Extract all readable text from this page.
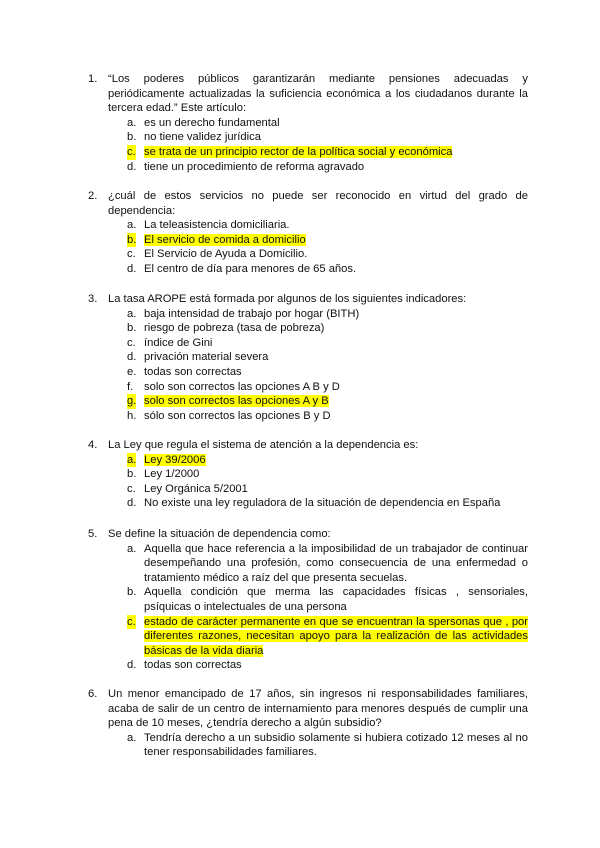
1. “Los poderes públicos garantizarán mediante pensiones adecuadas y periódicamente actualizadas la suficiencia económica a los ciudadanos durante la tercera edad.” Este artículo:
a. es un derecho fundamental
b. no tiene validez jurídica
c. se trata de un principio rector de la política social y económica
d. tiene un procedimiento de reforma agravado
2. ¿cuál de estos servicios no puede ser reconocido en virtud del grado de dependencia:
a. La teleasistencia domiciliaria.
b. El servicio de comida a domicilio
c. El Servicio de Ayuda a Domicilio.
d. El centro de día para menores de 65 años.
3. La tasa AROPE está formada por algunos de los siguientes indicadores:
a. baja intensidad de trabajo por hogar (BITH)
b. riesgo de pobreza (tasa de pobreza)
c. índice de Gini
d. privación material severa
e. todas son correctas
f. solo son correctos las opciones A B y D
g. solo son correctos las opciones A y B
h. sólo son correctos las opciones B y D
4. La Ley que regula el sistema de atención a la dependencia es:
a. Ley 39/2006
b. Ley 1/2000
c. Ley Orgánica 5/2001
d. No existe una ley reguladora de la situación de dependencia en España
5. Se define la situación de dependencia como:
a. Aquella que hace referencia a la imposibilidad de un trabajador de continuar desempeñando una profesión, como consecuencia de una enfermedad o tratamiento médico a raíz del que presenta secuelas.
b. Aquella condición que merma las capacidades físicas , sensoriales, psíquicas o intelectuales de una persona
c. estado de carácter permanente en que se encuentran la spersonas que , por diferentes razones, necesitan apoyo para la realización de las actividades básicas de la vida diaria
d. todas son correctas
6. Un menor emancipado de 17 años, sin ingresos ni responsabilidades familiares, acaba de salir de un centro de internamiento para menores después de cumplir una pena de 10 meses, ¿tendría derecho a algún subsidio?
a. Tendría derecho a un subsidio solamente si hubiera cotizado 12 meses al no tener responsabilidades familiares.
